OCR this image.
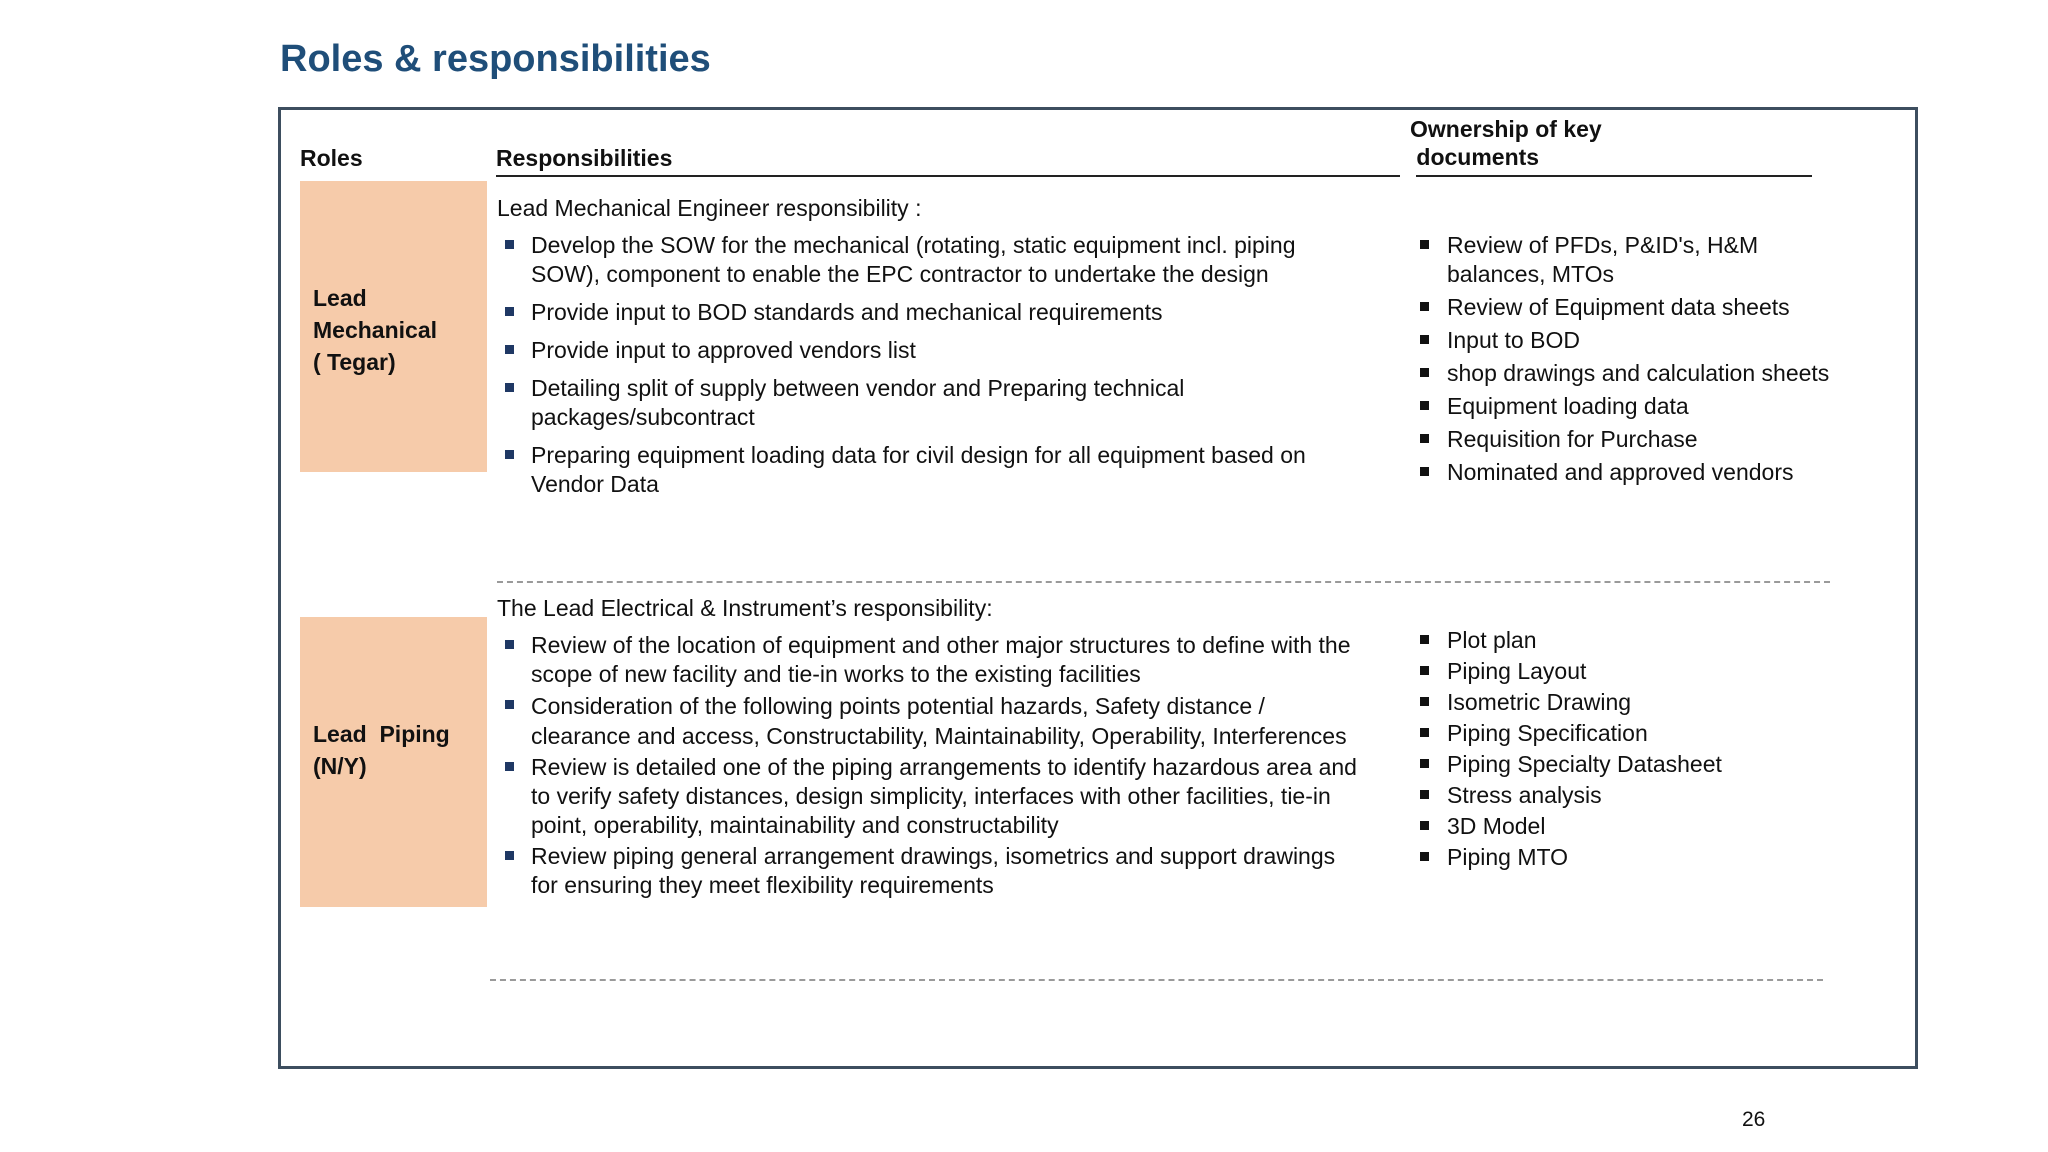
Roles & responsibilities
Roles	Responsibilities
Ownership of key
documents
Lead
Mechanical
( Tegar)
Lead Mechanical Engineer responsibility :
Develop the SOW for the mechanical (rotating, static equipment incl. piping SOW), component to enable the EPC contractor to undertake the design
Provide input to BOD standards and mechanical requirements
Provide input to approved vendors list
Detailing split of supply between vendor and Preparing technical packages/subcontract
Preparing equipment loading data for civil design for all equipment based on Vendor Data
Review of PFDs, P&ID's, H&M balances, MTOs
Review of Equipment data sheets
Input to BOD
shop drawings and calculation sheets
Equipment loading data
Requisition for Purchase
Nominated and approved vendors
Lead  Piping
(N/Y)
The Lead Electrical & Instrument’s responsibility:
Review of the location of equipment and other major structures to define with the scope of new facility and tie-in works to the existing facilities
Consideration of the following points potential hazards, Safety distance / clearance and access, Constructability, Maintainability, Operability, Interferences
Review is detailed one of the piping arrangements to identify hazardous area and to verify safety distances, design simplicity, interfaces with other facilities, tie-in point, operability, maintainability and constructability
Review piping general arrangement drawings, isometrics and support drawings for ensuring they meet flexibility requirements
Plot plan
Piping Layout
Isometric Drawing
Piping Specification
Piping Specialty Datasheet
Stress analysis
3D Model
Piping MTO
26
